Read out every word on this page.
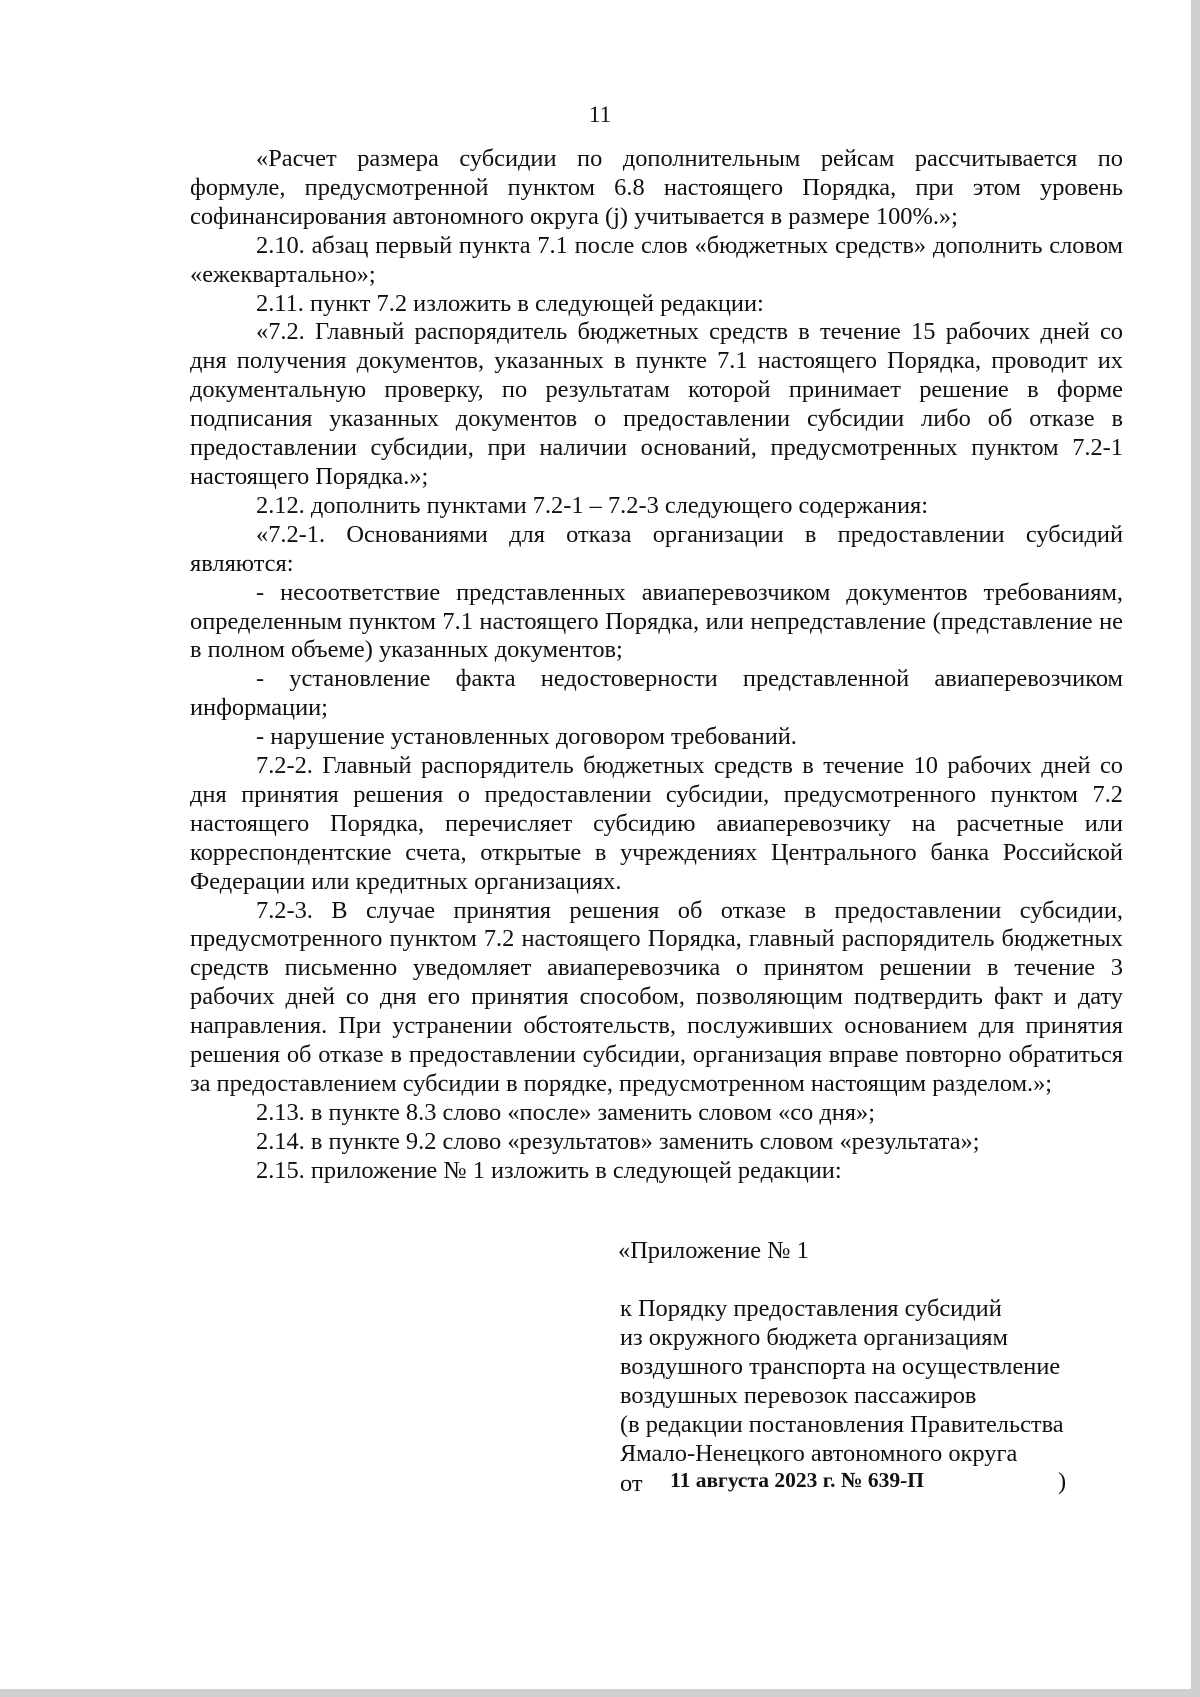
11

«Расчет размера субсидии по дополнительным рейсам рассчитывается по формуле, предусмотренной пунктом 6.8 настоящего Порядка, при этом уровень софинансирования автономного округа (j) учитывается в размере 100%.»;

2.10. абзац первый пункта 7.1 после слов «бюджетных средств» дополнить словом «ежеквартально»;

2.11. пункт 7.2 изложить в следующей редакции:

«7.2. Главный распорядитель бюджетных средств в течение 15 рабочих дней со дня получения документов, указанных в пункте 7.1 настоящего Порядка, проводит их документальную проверку, по результатам которой принимает решение в форме подписания указанных документов о предоставлении субсидии либо об отказе в предоставлении субсидии, при наличии оснований, предусмотренных пунктом 7.2-1 настоящего Порядка.»;

2.12. дополнить пунктами 7.2-1 – 7.2-3 следующего содержания:

«7.2-1. Основаниями для отказа организации в предоставлении субсидий являются:

- несоответствие представленных авиаперевозчиком документов требованиям, определенным пунктом 7.1 настоящего Порядка, или непредставление (представление не в полном объеме) указанных документов;

- установление факта недостоверности представленной авиаперевозчиком информации;

- нарушение установленных договором требований.

7.2-2. Главный распорядитель бюджетных средств в течение 10 рабочих дней со дня принятия решения о предоставлении субсидии, предусмотренного пунктом 7.2 настоящего Порядка, перечисляет субсидию авиаперевозчику на расчетные или корреспондентские счета, открытые в учреждениях Центрального банка Российской Федерации или кредитных организациях.

7.2-3. В случае принятия решения об отказе в предоставлении субсидии, предусмотренного пунктом 7.2 настоящего Порядка, главный распорядитель бюджетных средств письменно уведомляет авиаперевозчика о принятом решении в течение 3 рабочих дней со дня его принятия способом, позволяющим подтвердить факт и дату направления. При устранении обстоятельств, послуживших основанием для принятия решения об отказе в предоставлении субсидии, организация вправе повторно обратиться за предоставлением субсидии в порядке, предусмотренном настоящим разделом.»;

2.13. в пункте 8.3 слово «после» заменить словом «со дня»;

2.14. в пункте 9.2 слово «результатов» заменить словом «результата»;

2.15. приложение № 1 изложить в следующей редакции:

«Приложение № 1
к Порядку предоставления субсидий
из окружного бюджета организациям
воздушного транспорта на осуществление
воздушных перевозок пассажиров
(в редакции постановления Правительства
Ямало-Ненецкого автономного округа
от 11 августа 2023 г. № 639-П	)
